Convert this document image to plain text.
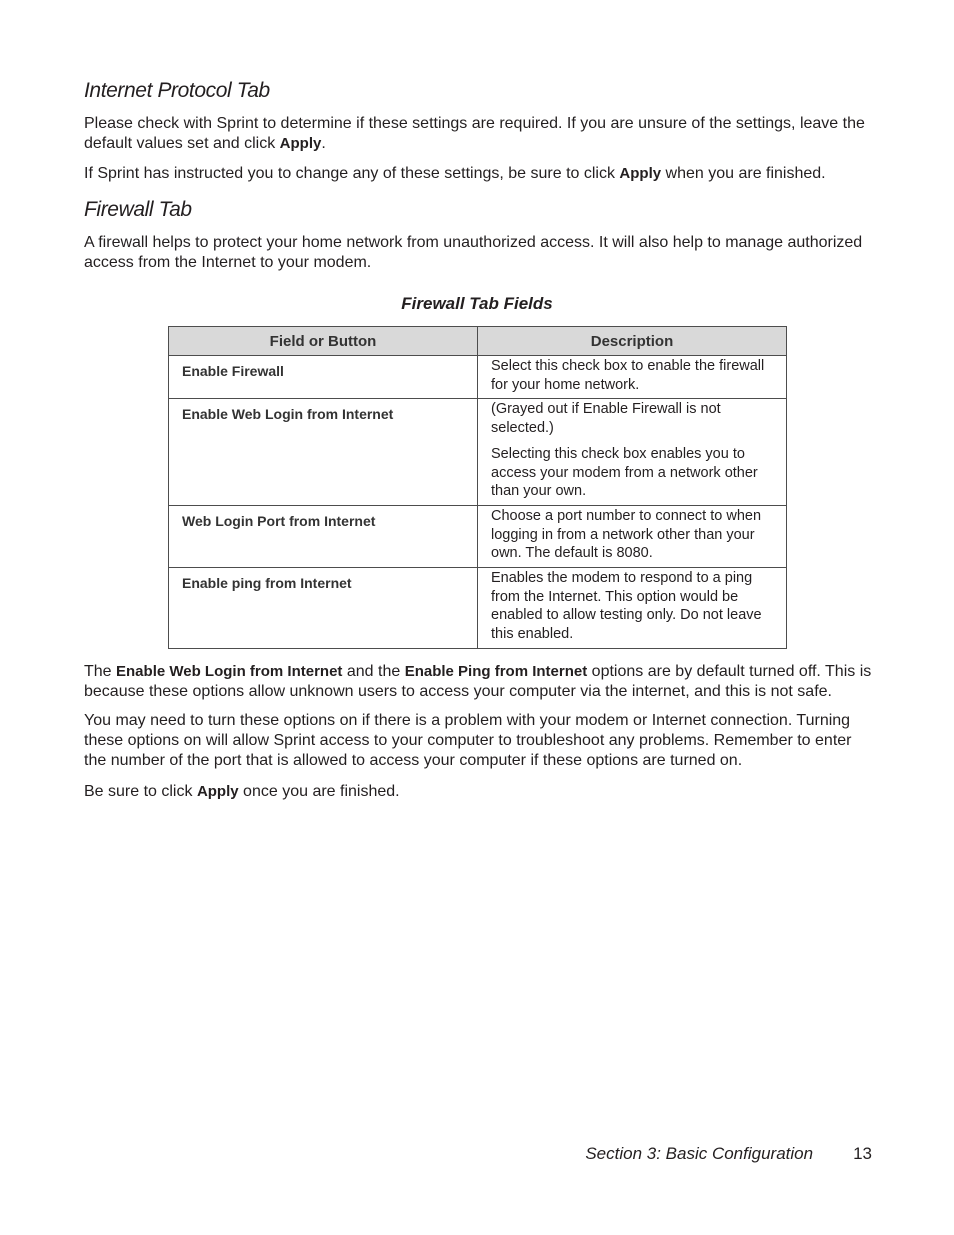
Internet Protocol Tab

Please check with Sprint to determine if these settings are required. If you are unsure of the settings, leave the default values set and click Apply.

If Sprint has instructed you to change any of these settings, be sure to click Apply when you are finished.

Firewall Tab

A firewall helps to protect your home network from unauthorized access. It will also help to manage authorized access from the Internet to your modem.

Firewall Tab Fields

Field or Button	Description
Enable Firewall	Select this check box to enable the firewall for your home network.

Enable Web Login from Internet	(Grayed out if Enable Firewall is not selected.)

Selecting this check box enables you to access your modem from a network other than your own.

Web Login Port from Internet	Choose a port number to connect to when logging in from a network other than your own. The default is 8080.

Enable ping from Internet	Enables the modem to respond to a ping from the Internet. This option would be enabled to allow testing only. Do not leave this enabled.

The Enable Web Login from Internet and the Enable Ping from Internet options are by default turned off. This is because these options allow unknown users to access your computer via the internet, and this is not safe.

You may need to turn these options on if there is a problem with your modem or Internet connection. Turning these options on will allow Sprint access to your computer to troubleshoot any problems. Remember to enter the number of the port that is allowed to access your computer if these options are turned on.

Be sure to click Apply once you are finished.

Section 3: Basic Configuration 13
